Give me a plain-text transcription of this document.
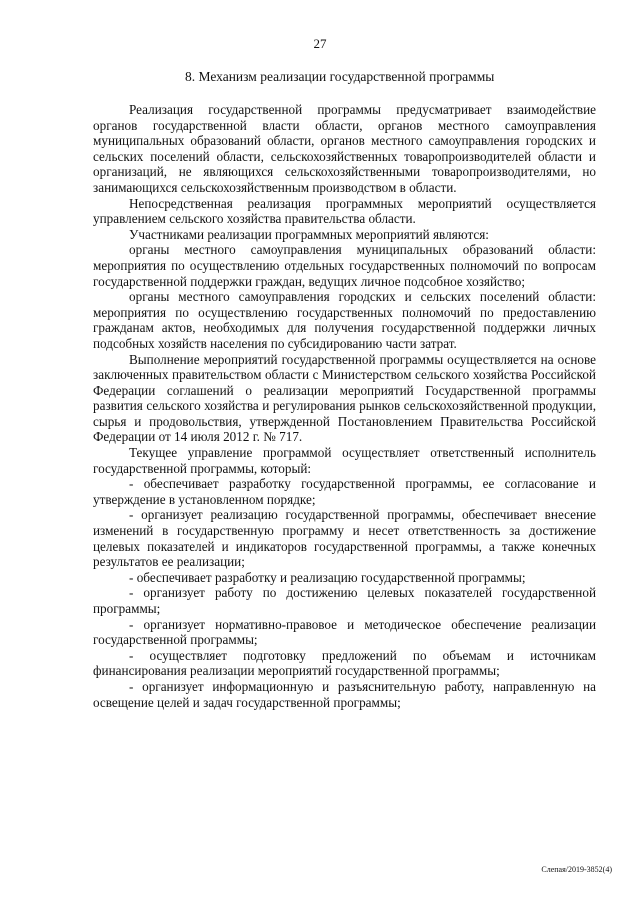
27
8. Механизм реализации государственной программы

Реализация государственной программы предусматривает взаимодействие органов государственной власти области, органов местного самоуправления муниципальных образований области, органов местного самоуправления городских и сельских поселений области, сельскохозяйственных товаропроизводителей области и организаций, не являющихся сельскохозяйственными товаропроизводителями, но занимающихся сельскохозяйственным производством в области.

Непосредственная реализация программных мероприятий осуществляется управлением сельского хозяйства правительства области.

Участниками реализации программных мероприятий являются:

органы местного самоуправления муниципальных образований области: мероприятия по осуществлению отдельных государственных полномочий по вопросам государственной поддержки граждан, ведущих личное подсобное хозяйство;

органы местного самоуправления городских и сельских поселений области: мероприятия по осуществлению государственных полномочий по предоставлению гражданам актов, необходимых для получения государственной поддержки личных подсобных хозяйств населения по субсидированию части затрат.

Выполнение мероприятий государственной программы осуществляется на основе заключенных правительством области с Министерством сельского хозяйства Российской Федерации соглашений о реализации мероприятий Государственной программы развития сельского хозяйства и регулирования рынков сельскохозяйственной продукции, сырья и продовольствия, утвержденной Постановлением Правительства Российской Федерации от 14 июля 2012 г. № 717.

Текущее управление программой осуществляет ответственный исполнитель государственной программы, который:

- обеспечивает разработку государственной программы, ее согласование и утверждение в установленном порядке;

- организует реализацию государственной программы, обеспечивает внесение изменений в государственную программу и несет ответственность за достижение целевых показателей и индикаторов государственной программы, а также конечных результатов ее реализации;

- обеспечивает разработку и реализацию государственной программы;

- организует работу по достижению целевых показателей государственной программы;

- организует нормативно-правовое и методическое обеспечение реализации государственной программы;

- осуществляет подготовку предложений по объемам и источникам финансирования реализации мероприятий государственной программы;

- организует информационную и разъяснительную работу, направленную на освещение целей и задач государственной программы;

Слепая/2019-3852(4)
